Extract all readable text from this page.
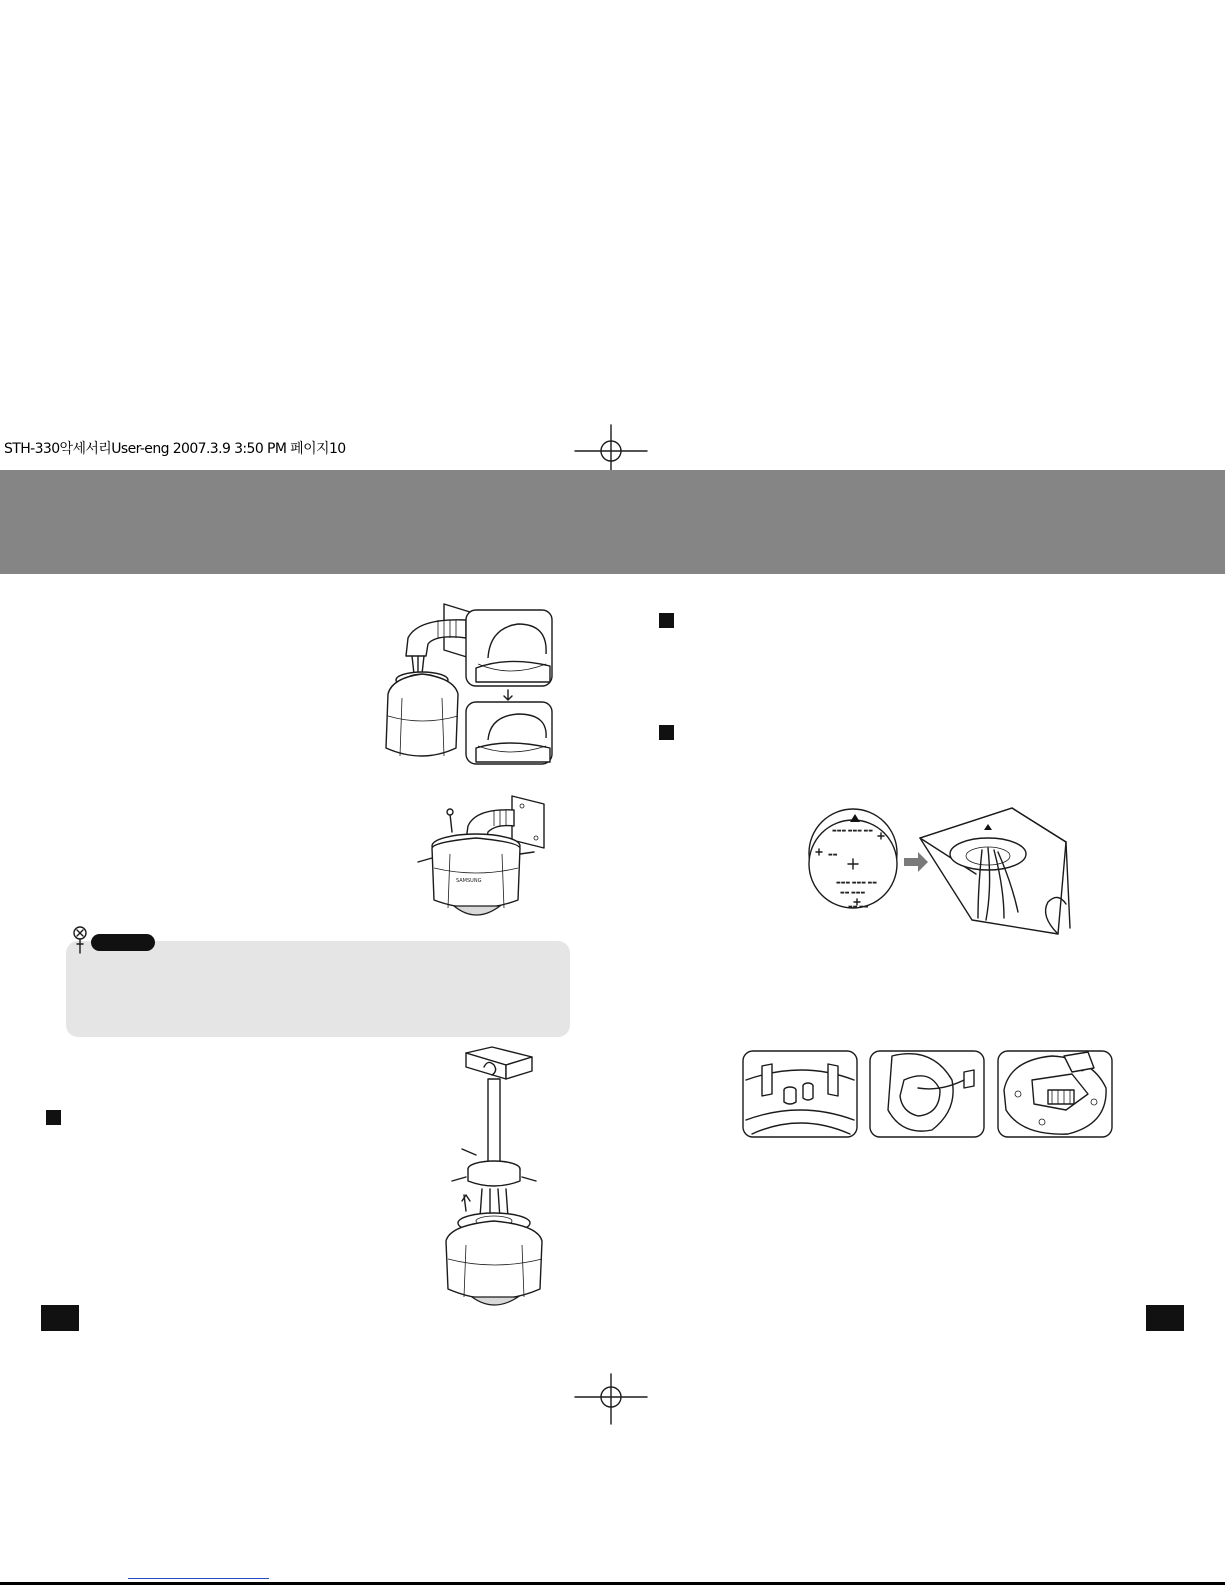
STH-330악세서리User-eng 2007.3.9 3:50 PM 페이지10
SAMSUNG
▬▬▬ ▬▬▬ ▬▬
▬▬
▬▬▬ ▬▬▬ ▬▬
▬▬ ▬▬▬
▬▬ ▬▬
